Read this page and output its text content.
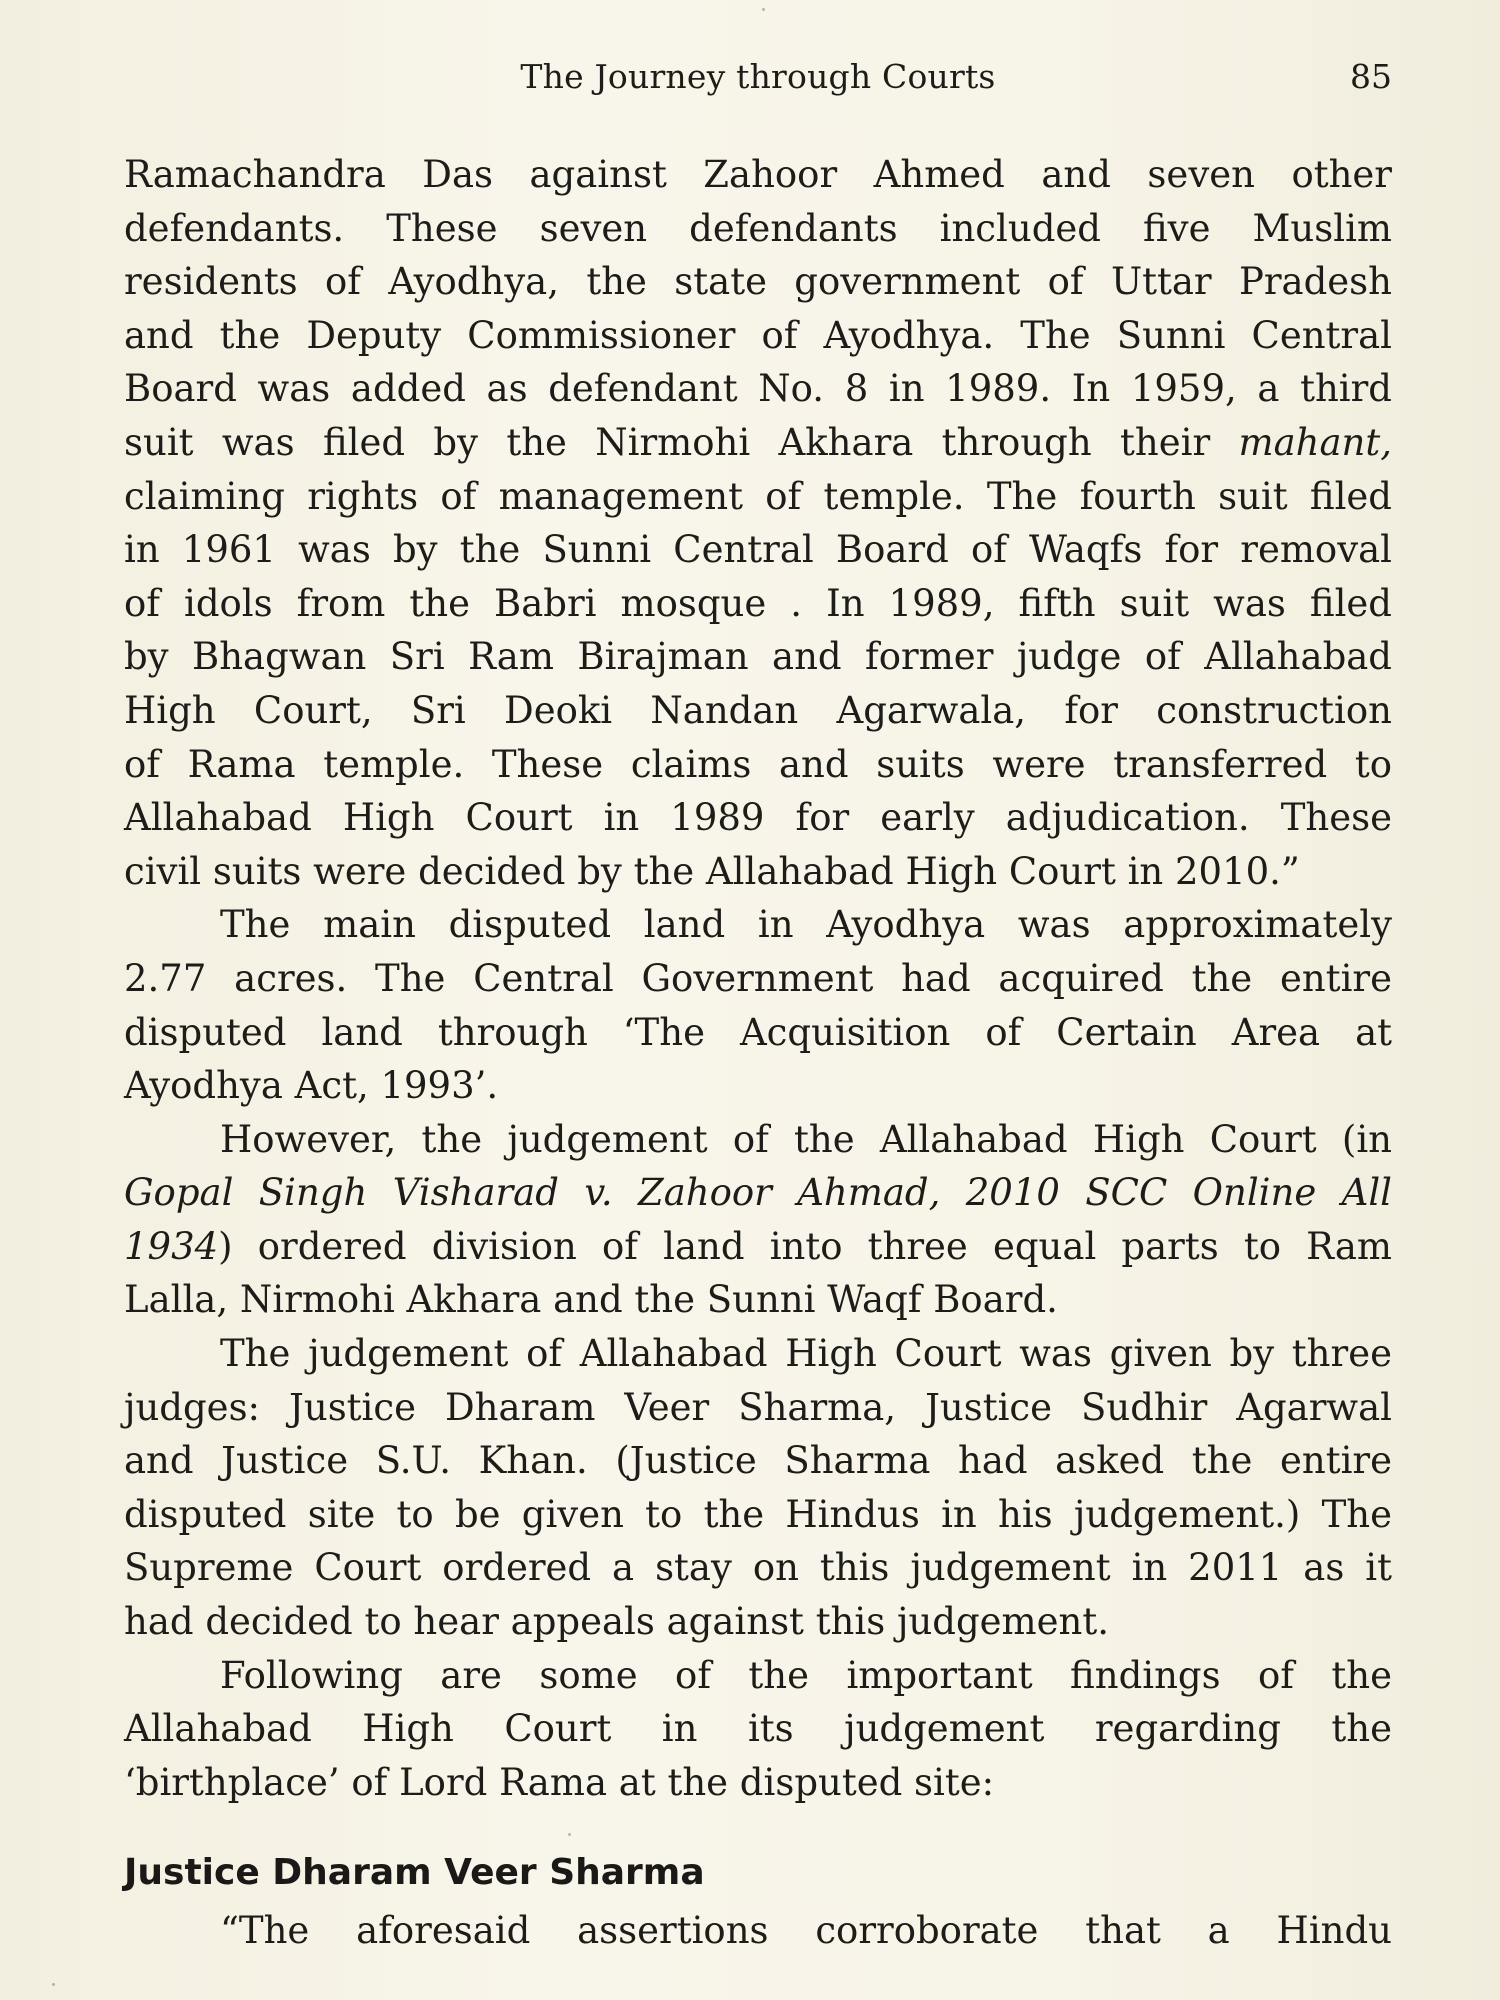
The Journey through Courts	85

Ramachandra Das against Zahoor Ahmed and seven other
defendants. These seven defendants included five Muslim
residents of Ayodhya, the state government of Uttar Pradesh
and the Deputy Commissioner of Ayodhya. The Sunni Central
Board was added as defendant No. 8 in 1989. In 1959, a third
suit was filed by the Nirmohi Akhara through their mahant,
claiming rights of management of temple. The fourth suit filed
in 1961 was by the Sunni Central Board of Waqfs for removal
of idols from the Babri mosque . In 1989, fifth suit was filed
by Bhagwan Sri Ram Birajman and former judge of Allahabad
High Court, Sri Deoki Nandan Agarwala, for construction
of Rama temple. These claims and suits were transferred to
Allahabad High Court in 1989 for early adjudication. These
civil suits were decided by the Allahabad High Court in 2010.”

The main disputed land in Ayodhya was approximately
2.77 acres. The Central Government had acquired the entire
disputed land through ‘The Acquisition of Certain Area at
Ayodhya Act, 1993’.

However, the judgement of the Allahabad High Court (in
Gopal Singh Visharad v. Zahoor Ahmad, 2010 SCC Online All
1934) ordered division of land into three equal parts to Ram
Lalla, Nirmohi Akhara and the Sunni Waqf Board.

The judgement of Allahabad High Court was given by three
judges: Justice Dharam Veer Sharma, Justice Sudhir Agarwal
and Justice S.U. Khan. (Justice Sharma had asked the entire
disputed site to be given to the Hindus in his judgement.) The
Supreme Court ordered a stay on this judgement in 2011 as it
had decided to hear appeals against this judgement.

Following are some of the important findings of the
Allahabad High Court in its judgement regarding the
‘birthplace’ of Lord Rama at the disputed site:

Justice Dharam Veer Sharma
“The aforesaid assertions corroborate that a Hindu
